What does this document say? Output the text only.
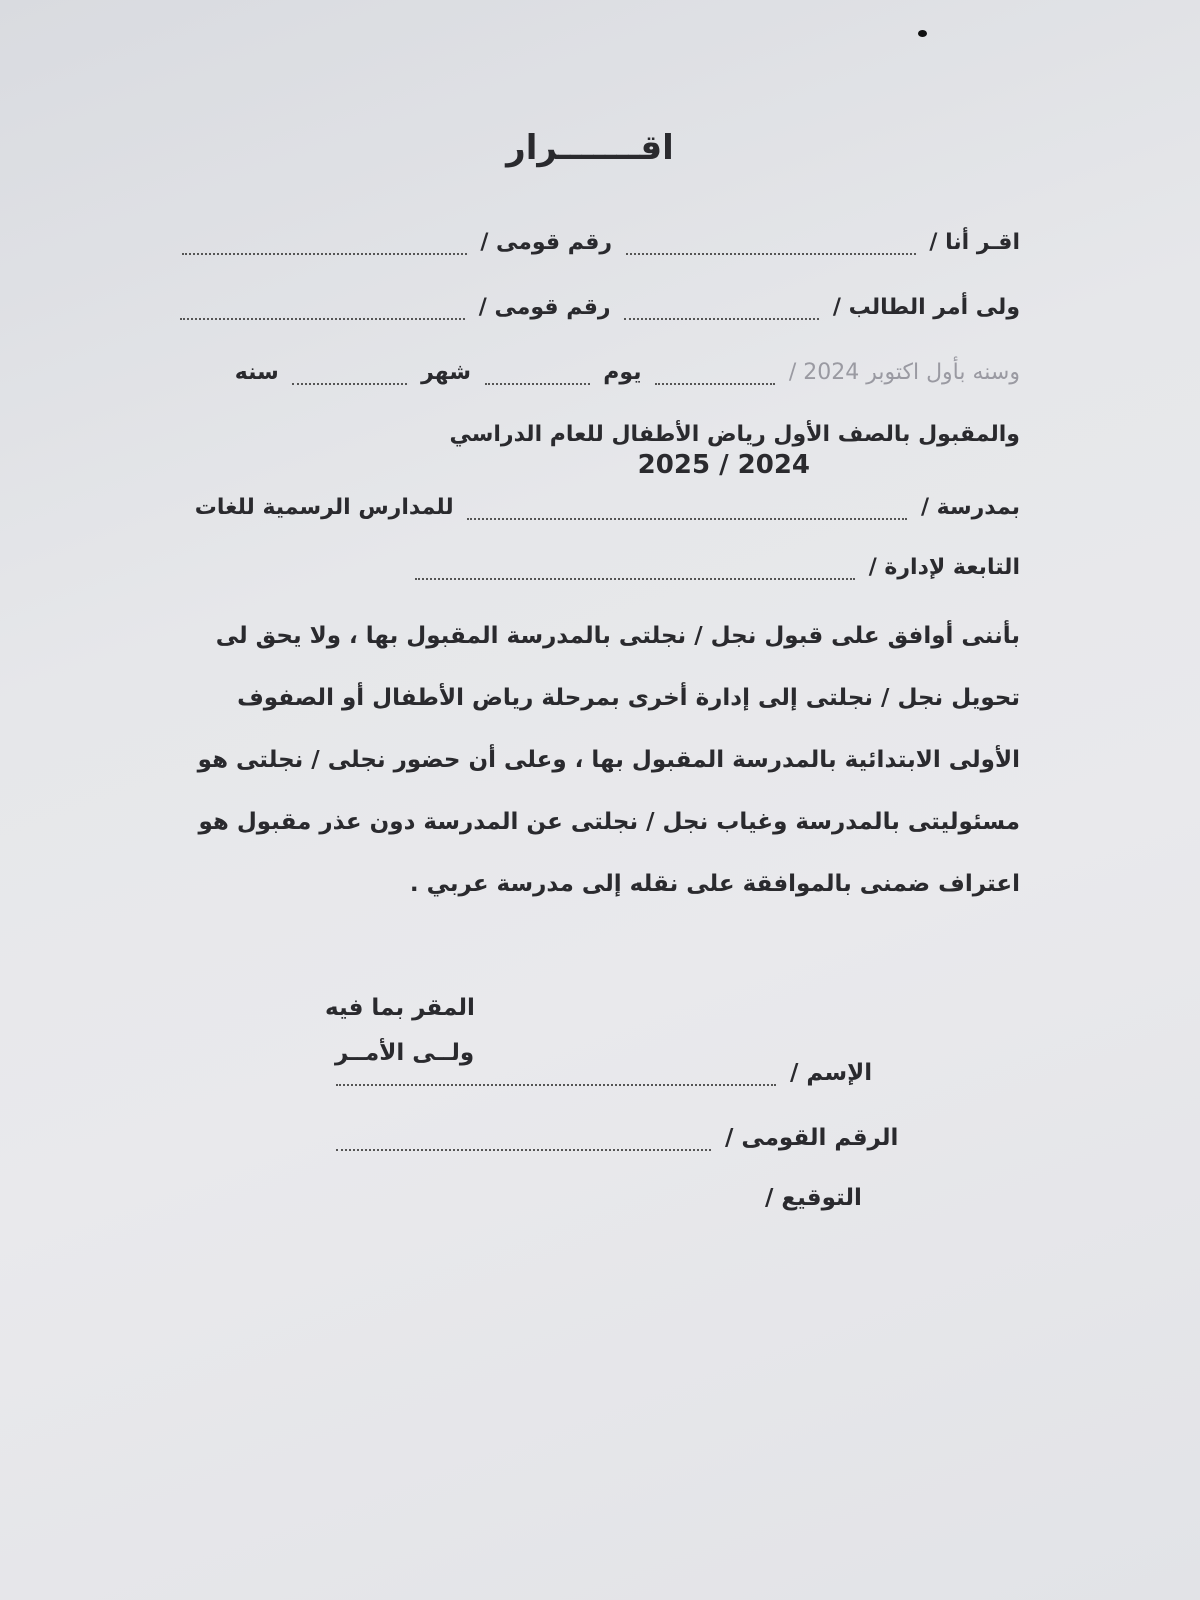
اقـــــــرار
اقـر أنا /  رقم قومى /
ولى أمر الطالب /  رقم قومى /
وسنه بأول اكتوبر 2024 /  يوم  شهر  سنه
والمقبول بالصف الأول رياض الأطفال للعام الدراسي
2025 / 2024
بمدرسة /  للمدارس الرسمية للغات
التابعة لإدارة /
بأننى أوافق على قبول نجل / نجلتى بالمدرسة المقبول بها ، ولا يحق لى
تحويل نجل / نجلتى إلى إدارة أخرى بمرحلة رياض الأطفال أو الصفوف
الأولى الابتدائية بالمدرسة المقبول بها ، وعلى أن حضور نجلى / نجلتى هو
مسئوليتى بالمدرسة وغياب نجل / نجلتى عن المدرسة دون عذر مقبول هو
اعتراف ضمنى بالموافقة على نقله إلى مدرسة عربي .
المقر بما فيه
ولــى الأمــر
الإسم /
الرقم القومى /
التوقيع /
